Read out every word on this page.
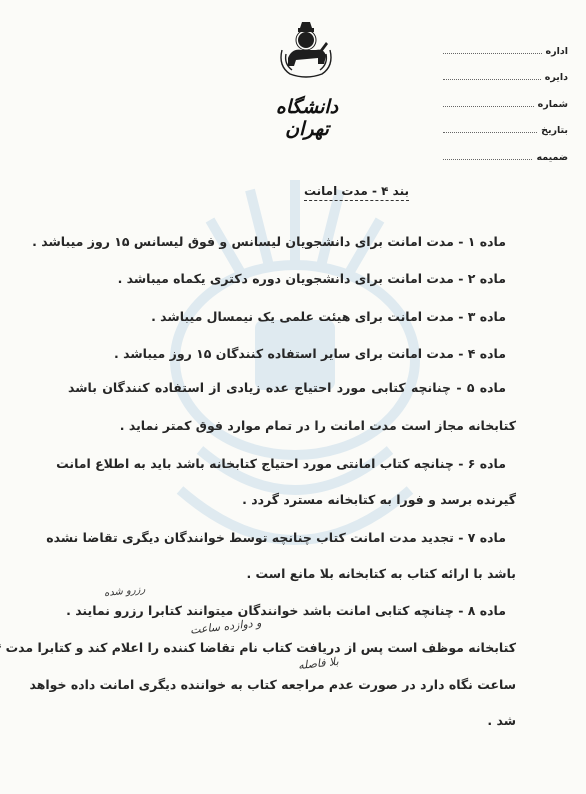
دانشگاه تهران
اداره
دایره
شماره
بتاریخ
ضمیمه
بند ۴ - مدت امانت
ماده ۱ - مدت امانت برای دانشجویان لیسانس و فوق لیسانس ۱۵ روز میباشد .
ماده ۲ - مدت امانت برای دانشجویان دوره دکتری یکماه میباشد .
ماده ۳ - مدت امانت برای هیئت علمی یک نیمسال میباشد .
ماده ۴ - مدت امانت برای سایر استفاده کنندگان ۱۵ روز میباشد .
ماده ۵ - چنانچه کتابی مورد احتیاج عده زیادی از استفاده کنندگان باشد
کتابخانه مجاز است مدت امانت را در تمام موارد فوق کمتر نماید .
ماده ۶ - چنانچه کتاب امانتی مورد احتیاج کتابخانه باشد باید به اطلاع امانت
گیرنده برسد و فورا به کتابخانه مسترد گردد .
ماده ۷ - تجدید مدت امانت کتاب چنانچه توسط خوانندگان دیگری تقاضا نشده
باشد با ارائه کتاب به کتابخانه بلا مانع است .
ماده ۸ - چنانچه کتابی امانت باشد خوانندگان میتوانند کتابرا رزرو نمایند .
کتابخانه موظف است پس از دریافت کتاب نام تقاضا کننده را اعلام کند و کتابرا مدت
ساعت نگاه دارد در صورت عدم مراجعه کتاب به خواننده دیگری امانت داده خواهد
شد .
و دوازده ساعت
رزرو شده
بلا فاصله
